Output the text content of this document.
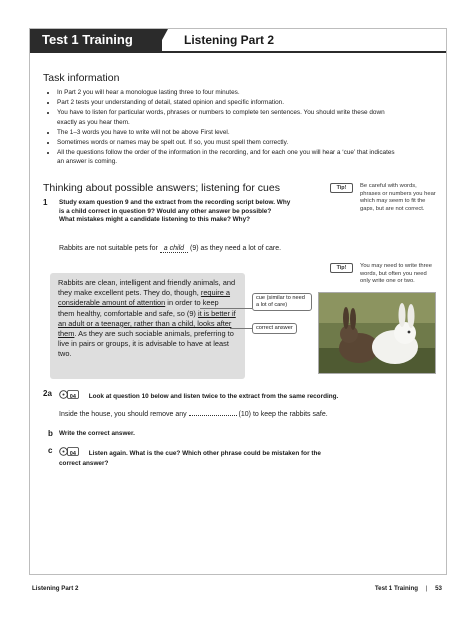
Test 1 Training	Listening Part 2
Task information
• In Part 2 you will hear a monologue lasting three to four minutes.
• Part 2 tests your understanding of detail, stated opinion and specific information.
• You have to listen for particular words, phrases or numbers to complete ten sentences. You should write these down exactly as you hear them.
• The 1–3 words you have to write will not be above First level.
• Sometimes words or names may be spelt out. If so, you must spell them correctly.
• All the questions follow the order of the information in the recording, and for each one you will hear a ‘cue’ that indicates an answer is coming.
Thinking about possible answers; listening for cues	Tip!	Be careful with words, phrases or numbers you hear which may seem to fit the gaps, but are not correct.
1 Study exam question 9 and the extract from the recording script below. Why
is a child correct in question 9? Would any other answer be possible?
What mistakes might a candidate listening to this make? Why?
Rabbits are not suitable pets for a child (9) as they need a lot of care.
Tip!	You may need to write three words, but often you need only write one or two.
Rabbits are clean, intelligent and friendly animals, and they make excellent pets. They do, though, require a considerable amount of attention in order to keep them healthy, comfortable and safe, so (9) it is better if an adult or a teenager, rather than a child, looks after them. As they are such sociable animals, preferring to live in pairs or groups, it is advisable to have at least two.
cue (similar to need a lot of care)
correct answer
2a	04 Look at question 10 below and listen twice to the extract from the same recording.
Inside the house, you should remove any	(10) to keep the rabbits safe.
b Write the correct answer.
c	04 Listen again. What is the cue? Which other phrase could be mistaken for the
correct answer?
Listening Part 2	Test 1 Training | 53
